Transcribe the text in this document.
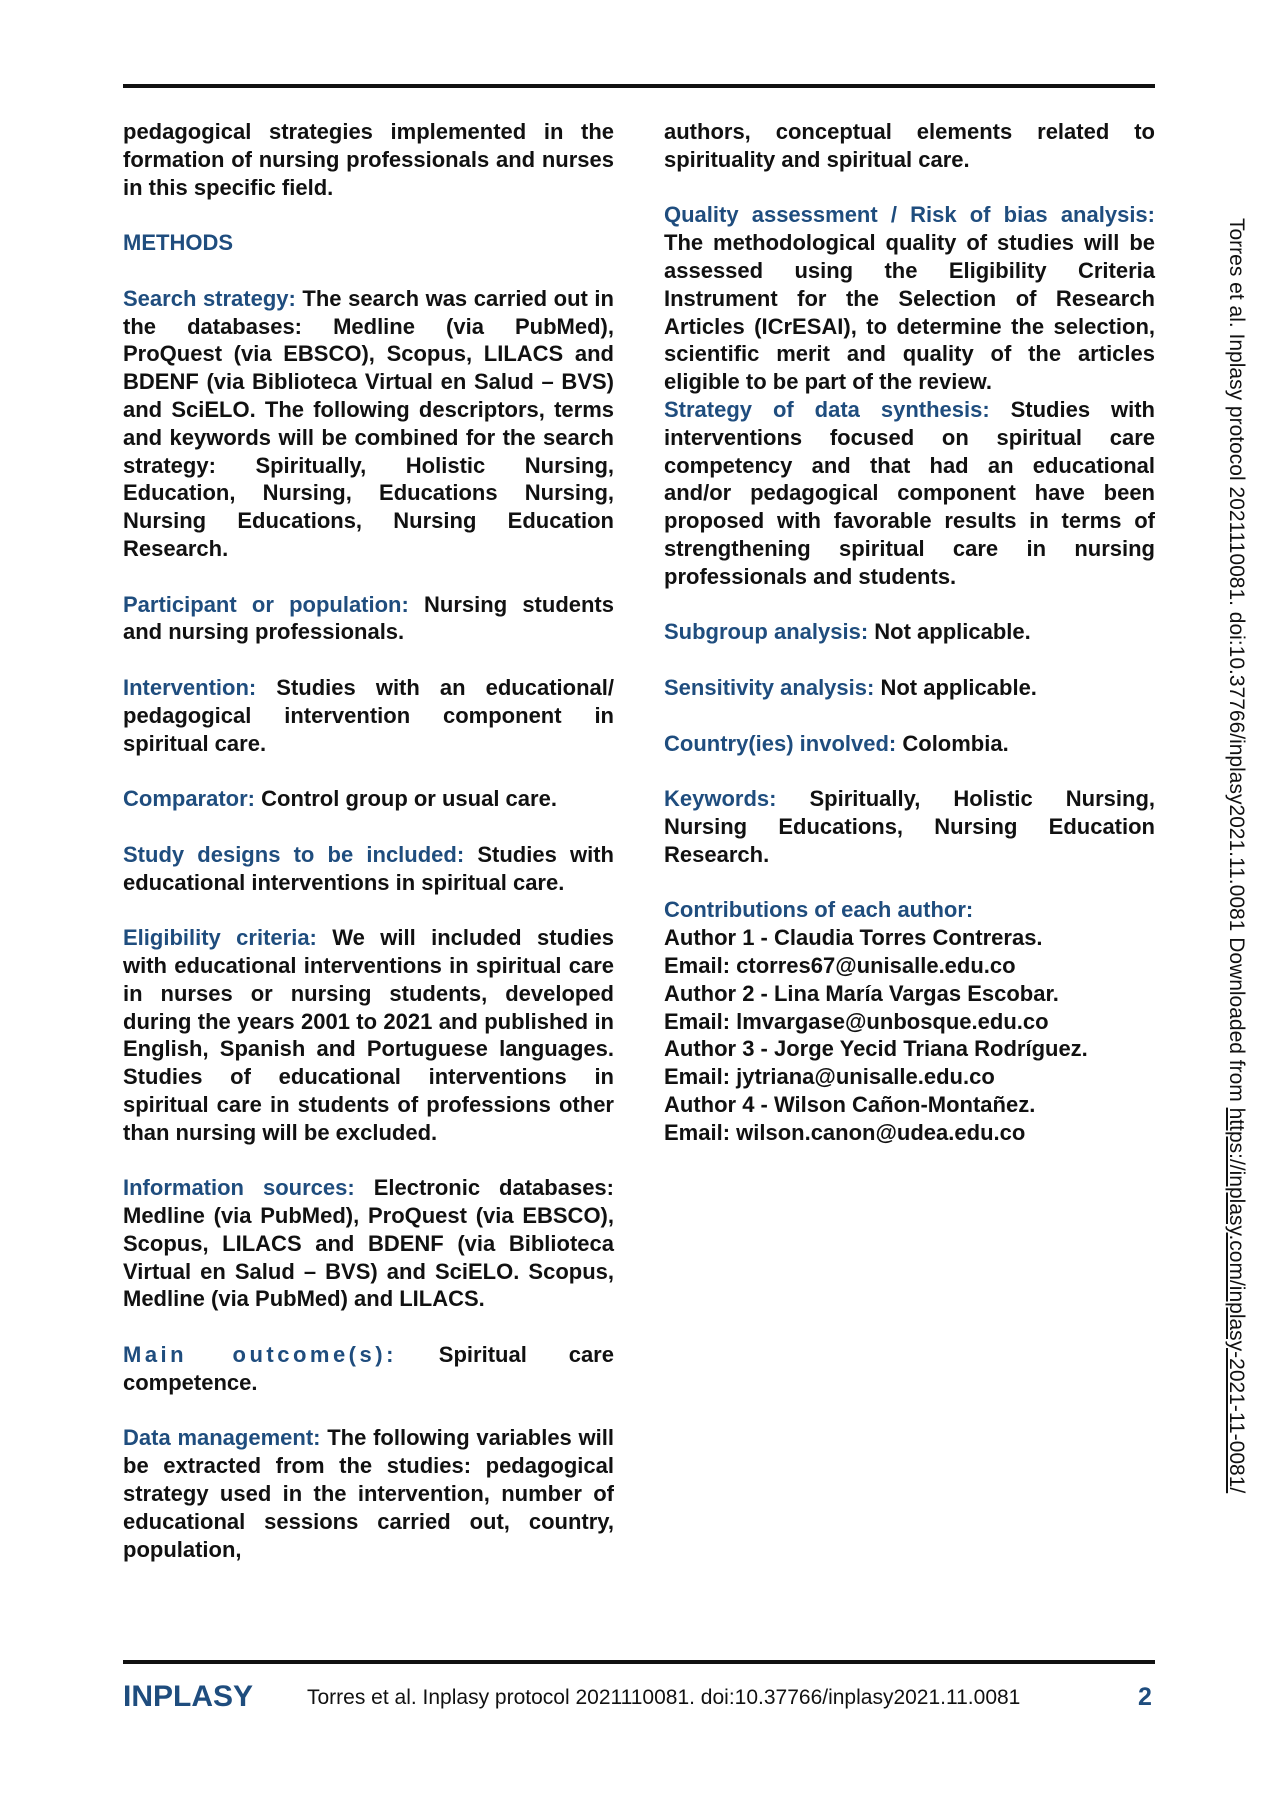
pedagogical strategies implemented in the formation of nursing professionals and nurses in this specific field.

METHODS

Search strategy: The search was carried out in the databases: Medline (via PubMed), ProQuest (via EBSCO), Scopus, LILACS and BDENF (via Biblioteca Virtual en Salud – BVS) and SciELO. The following descriptors, terms and keywords will be combined for the search strategy: Spiritually, Holistic Nursing, Education, Nursing, Educations Nursing, Nursing Educations, Nursing Education Research.

Participant or population: Nursing students and nursing professionals.

Intervention: Studies with an educational/ pedagogical intervention component in spiritual care.

Comparator: Control group or usual care.

Study designs to be included: Studies with educational interventions in spiritual care.

Eligibility criteria: We will included studies with educational interventions in spiritual care in nurses or nursing students, developed during the years 2001 to 2021 and published in English, Spanish and Portuguese languages. Studies of educational interventions in spiritual care in students of professions other than nursing will be excluded.

Information sources: Electronic databases: Medline (via PubMed), ProQuest (via EBSCO), Scopus, LILACS and BDENF (via Biblioteca Virtual en Salud – BVS) and SciELO. Scopus, Medline (via PubMed) and LILACS.

Main outcome(s): Spiritual care competence.

Data management: The following variables will be extracted from the studies: pedagogical strategy used in the intervention, number of educational sessions carried out, country, population,

authors, conceptual elements related to spirituality and spiritual care.

Quality assessment / Risk of bias analysis: The methodological quality of studies will be assessed using the Eligibility Criteria Instrument for the Selection of Research Articles (ICrESAI), to determine the selection, scientific merit and quality of the articles eligible to be part of the review.

Strategy of data synthesis: Studies with interventions focused on spiritual care competency and that had an educational and/or pedagogical component have been proposed with favorable results in terms of strengthening spiritual care in nursing professionals and students.

Subgroup analysis: Not applicable.

Sensitivity analysis: Not applicable.

Country(ies) involved: Colombia.

Keywords: Spiritually, Holistic Nursing, Nursing Educations, Nursing Education Research.

Contributions of each author:
Author 1 - Claudia Torres Contreras.
Email: ctorres67@unisalle.edu.co
Author 2 - Lina María Vargas Escobar.
Email: lmvargase@unbosque.edu.co
Author 3 - Jorge Yecid Triana Rodríguez.
Email: jytriana@unisalle.edu.co
Author 4 - Wilson Cañon-Montañez.
Email: wilson.canon@udea.edu.co
Torres et al. Inplasy protocol 2021110081. doi:10.37766/inplasy2021.11.0081 Downloaded from https://inplasy.com/inplasy-2021-11-0081/
INPLASY	Torres et al. Inplasy protocol 2021110081. doi:10.37766/inplasy2021.11.0081	2
